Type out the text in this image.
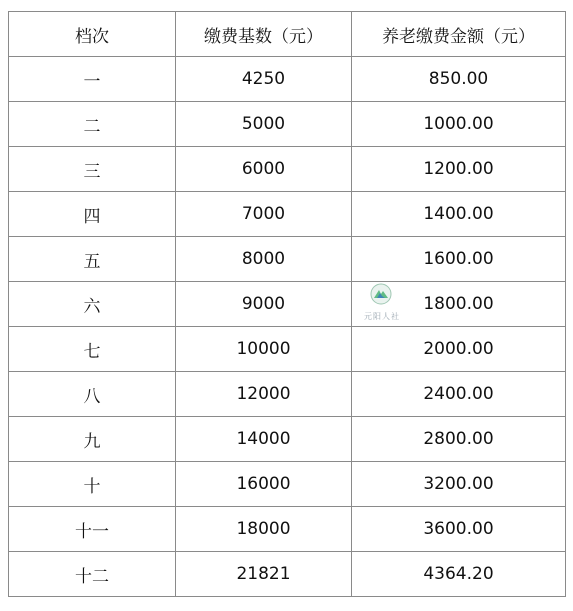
档次	缴费基数（元）	养老缴费金额（元）
一	4250	850.00
二	5000	1000.00
三	6000	1200.00
四	7000	1400.00
五	8000	1600.00
六	9000	1800.00
七	10000	2000.00
八	12000	2400.00
九	14000	2800.00
十	16000	3200.00
十一	18000	3600.00
十二	21821	4364.20
元阳人社
